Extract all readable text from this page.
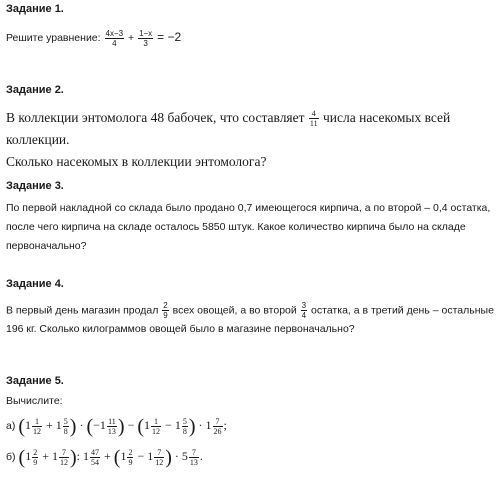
Задание 1.
Решите уравнение: $\frac{4x-3}{4} + \frac{1-x}{3} = -2$
Задание 2.
В коллекции энтомолога 48 бабочек, что составляет $\frac{4}{11}$ числа насекомых всей коллекции.
Сколько насекомых в коллекции энтомолога?
Задание 3.
По первой накладной со склада было продано 0,7 имеющегося кирпича, а по второй – 0,4 остатка,
после чего кирпича на складе осталось 5850 штук. Какое количество кирпича было на складе
первоначально?
Задание 4.
В первый день магазин продал $\frac{2}{9}$ всех овощей, а во второй $\frac{3}{4}$ остатка, а в третий день – остальные
196 кг. Сколько килограммов овощей было в магазине первоначально?
Задание 5.
Вычислите:
а) ($1 \frac{1}{12} + 1 \frac{5}{8}$ ) · ($-1 \frac{11}{13}$ ) − ($1 \frac{1}{12} - 1 \frac{5}{8}$ ) · $1 \frac{7}{26}$ ;
б) ($1 \frac{2}{9} + 1 \frac{7}{12}$ ): $1 \frac{47}{54} + (1 \frac{2}{9} - 1 \frac{7}{12}$ ) · $5 \frac{7}{13}$ .
